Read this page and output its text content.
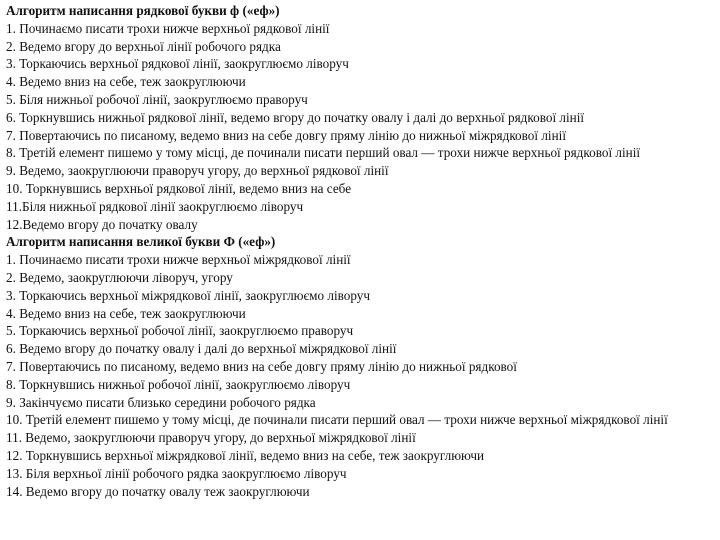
Алгоритм написання рядкової букви ф («еф»)

1. Починаємо писати трохи нижче верхньої рядкової лінії

2. Ведемо вгору до верхньої лінії робочого рядка

3. Торкаючись верхньої рядкової лінії, заокруглюємо ліворуч

4. Ведемо вниз на себе, теж заокруглюючи

5. Біля нижньої робочої лінії, заокруглюємо праворуч

6. Торкнувшись нижньої рядкової лінії, ведемо вгору до початку овалу і далі до верхньої рядкової лінії

7. Повертаючись по писаному, ведемо вниз на себе довгу пряму лінію до нижньої міжрядкової лінії

8. Третій елемент пишемо у тому місці, де починали писати перший овал — трохи нижче верхньої рядкової лінії

9. Ведемо, заокруглюючи праворуч угору, до верхньої рядкової лінії

10. Торкнувшись верхньої рядкової лінії, ведемо вниз на себе

11.Біля нижньої рядкової лінії заокруглюємо ліворуч

12.Ведемо вгору до початку овалу

Алгоритм написання великої букви Ф («еф»)

1. Починаємо писати трохи нижче верхньої міжрядкової лінії

2. Ведемо, заокруглюючи ліворуч, угору

3. Торкаючись верхньої міжрядкової лінії, заокруглюємо ліворуч

4. Ведемо вниз на себе, теж заокруглюючи

5. Торкаючись верхньої робочої лінії, заокруглюємо праворуч

6. Ведемо вгору до початку овалу і далі до верхньої міжрядкової лінії

7. Повертаючись по писаному, ведемо вниз на себе довгу пряму лінію до нижньої рядкової

8. Торкнувшись нижньої робочої лінії, заокруглюємо ліворуч

9. Закінчуємо писати близько середини робочого рядка

10. Третій елемент пишемо у тому місці, де починали писати перший овал — трохи нижче верхньої міжрядкової лінії

11. Ведемо, заокруглюючи праворуч угору, до верхньої міжрядкової лінії

12. Торкнувшись верхньої міжрядкової лінії, ведемо вниз на себе, теж заокруглюючи

13. Біля верхньої лінії робочого рядка заокруглюємо ліворуч

14. Ведемо вгору до початку овалу теж заокруглюючи
